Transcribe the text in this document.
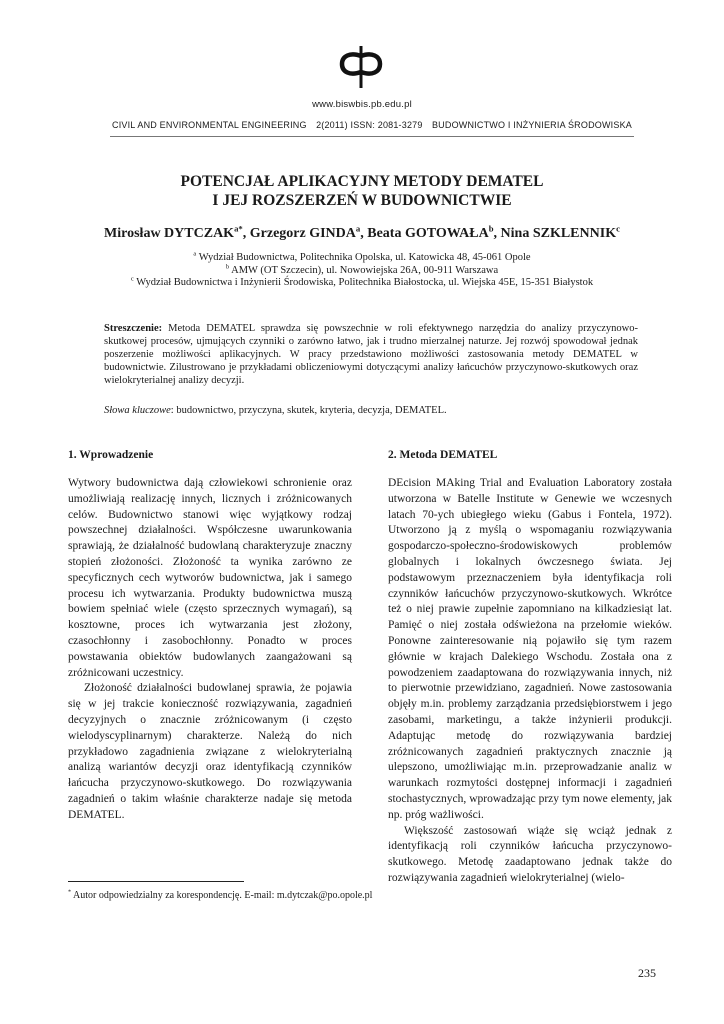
www.biswbis.pb.edu.pl
CIVIL AND ENVIRONMENTAL ENGINEERING 2(2011) ISSN: 2081-3279 BUDOWNICTWO I INŻYNIERIA ŚRODOWISKA
POTENCJAŁ APLIKACYJNY METODY DEMATEL
I JEJ ROZSZERZEŃ W BUDOWNICTWIE
Mirosław $DYTCZAK^{a*}$, Grzegorz GINDA$^a$, Beata GOTOWAŁA$^b$, Nina SZKLENNIK$^c$
$^a$ Wydział Budownictwa, Politechnika Opolska, ul. Katowicka 48, 45-061 Opole
$^b$ AMW (OT Szczecin), ul. Nowowiejska 26A, 00-911 Warszawa
$^c$ Wydział Budownictwa i Inżynierii Środowiska, Politechnika Białostocka, ul. Wiejska 45E, 15-351 Białystok
Streszczenie: Metoda DEMATEL sprawdza się powszechnie w roli efektywnego narzędzia do analizy przyczynowo-skutkowej procesów, ujmujących czynniki o zarówno łatwo, jak i trudno mierzalnej naturze. Jej rozwój spowodował jednak poszerzenie możliwości aplikacyjnych. W pracy przedstawiono możliwości zastosowania metody DEMATEL w budownictwie. Zilustrowano je przykładami obliczeniowymi dotyczącymi analizy łańcuchów przyczynowo-skutkowych oraz wielokryterialnej analizy decyzji.
Słowa kluczowe: budownictwo, przyczyna, skutek, kryteria, decyzja, DEMATEL.
1. Wprowadzenie

Wytwory budownictwa dają człowiekowi schronienie oraz umożliwiają realizację innych, licznych i zróżnicowanych celów. Budownictwo stanowi więc wyjątkowy rodzaj powszechnej działalności. Współczesne uwarunkowania sprawiają, że działalność budowlaną charakteryzuje znaczny stopień złożoności. Złożoność ta wynika zarówno ze specyficznych cech wytworów budownictwa, jak i samego procesu ich wytwarzania. Produkty budownictwa muszą bowiem spełniać wiele (często sprzecznych wymagań), są kosztowne, proces ich wytwarzania jest złożony, czasochłonny i zasobochłonny. Ponadto w proces powstawania obiektów budowlanych zaangażowani są zróżnicowani uczestnicy.

Złożoność działalności budowlanej sprawia, że pojawia się w jej trakcie konieczność rozwiązywania, zagadnień decyzyjnych o znacznie zróżnicowanym (i często wielodyscyplinarnym) charakterze. Należą do nich przykładowo zagadnienia związane z wielokryterialną analizą wariantów decyzji oraz identyfikacją czynników łańcucha przyczynowo-skutkowego. Do rozwiązywania zagadnień o takim właśnie charakterze nadaje się metoda DEMATEL.

2. Metoda DEMATEL

DEcision MAking Trial and Evaluation Laboratory została utworzona w Batelle Institute w Genewie we wczesnych latach 70-ych ubiegłego wieku (Gabus i Fontela, 1972). Utworzono ją z myślą o wspomaganiu rozwiązywania gospodarczo-społeczno-środowiskowych problemów globalnych i lokalnych ówczesnego świata. Jej podstawowym przeznaczeniem była identyfikacja roli czynników łańcuchów przyczynowo-skutkowych. Wkrótce też o niej prawie zupełnie zapomniano na kilkadziesiąt lat. Pamięć o niej została odświeżona na przełomie wieków. Ponowne zainteresowanie nią pojawiło się tym razem głównie w krajach Dalekiego Wschodu. Została ona z powodzeniem zaadaptowana do rozwiązywania innych, niż to pierwotnie przewidziano, zagadnień. Nowe zastosowania objęły m.in. problemy zarządzania przedsiębiorstwem i jego zasobami, marketingu, a także inżynierii produkcji. Adaptując metodę do rozwiązywania bardziej zróżnicowanych zagadnień praktycznych znacznie ją ulepszono, umożliwiając m.in. przeprowadzanie analiz w warunkach rozmytości dostępnej informacji i zagadnień stochastycznych, wprowadzając przy tym nowe elementy, jak np. próg ważliwości.

Większość zastosowań wiąże się wciąż jednak z identyfikacją roli czynników łańcucha przyczynowo-skutkowego. Metodę zaadaptowano jednak także do rozwiązywania zagadnień wielokryterialnej (wielo-

* Autor odpowiedzialny za korespondencję. E-mail: m.dytczak@po.opole.pl
235
